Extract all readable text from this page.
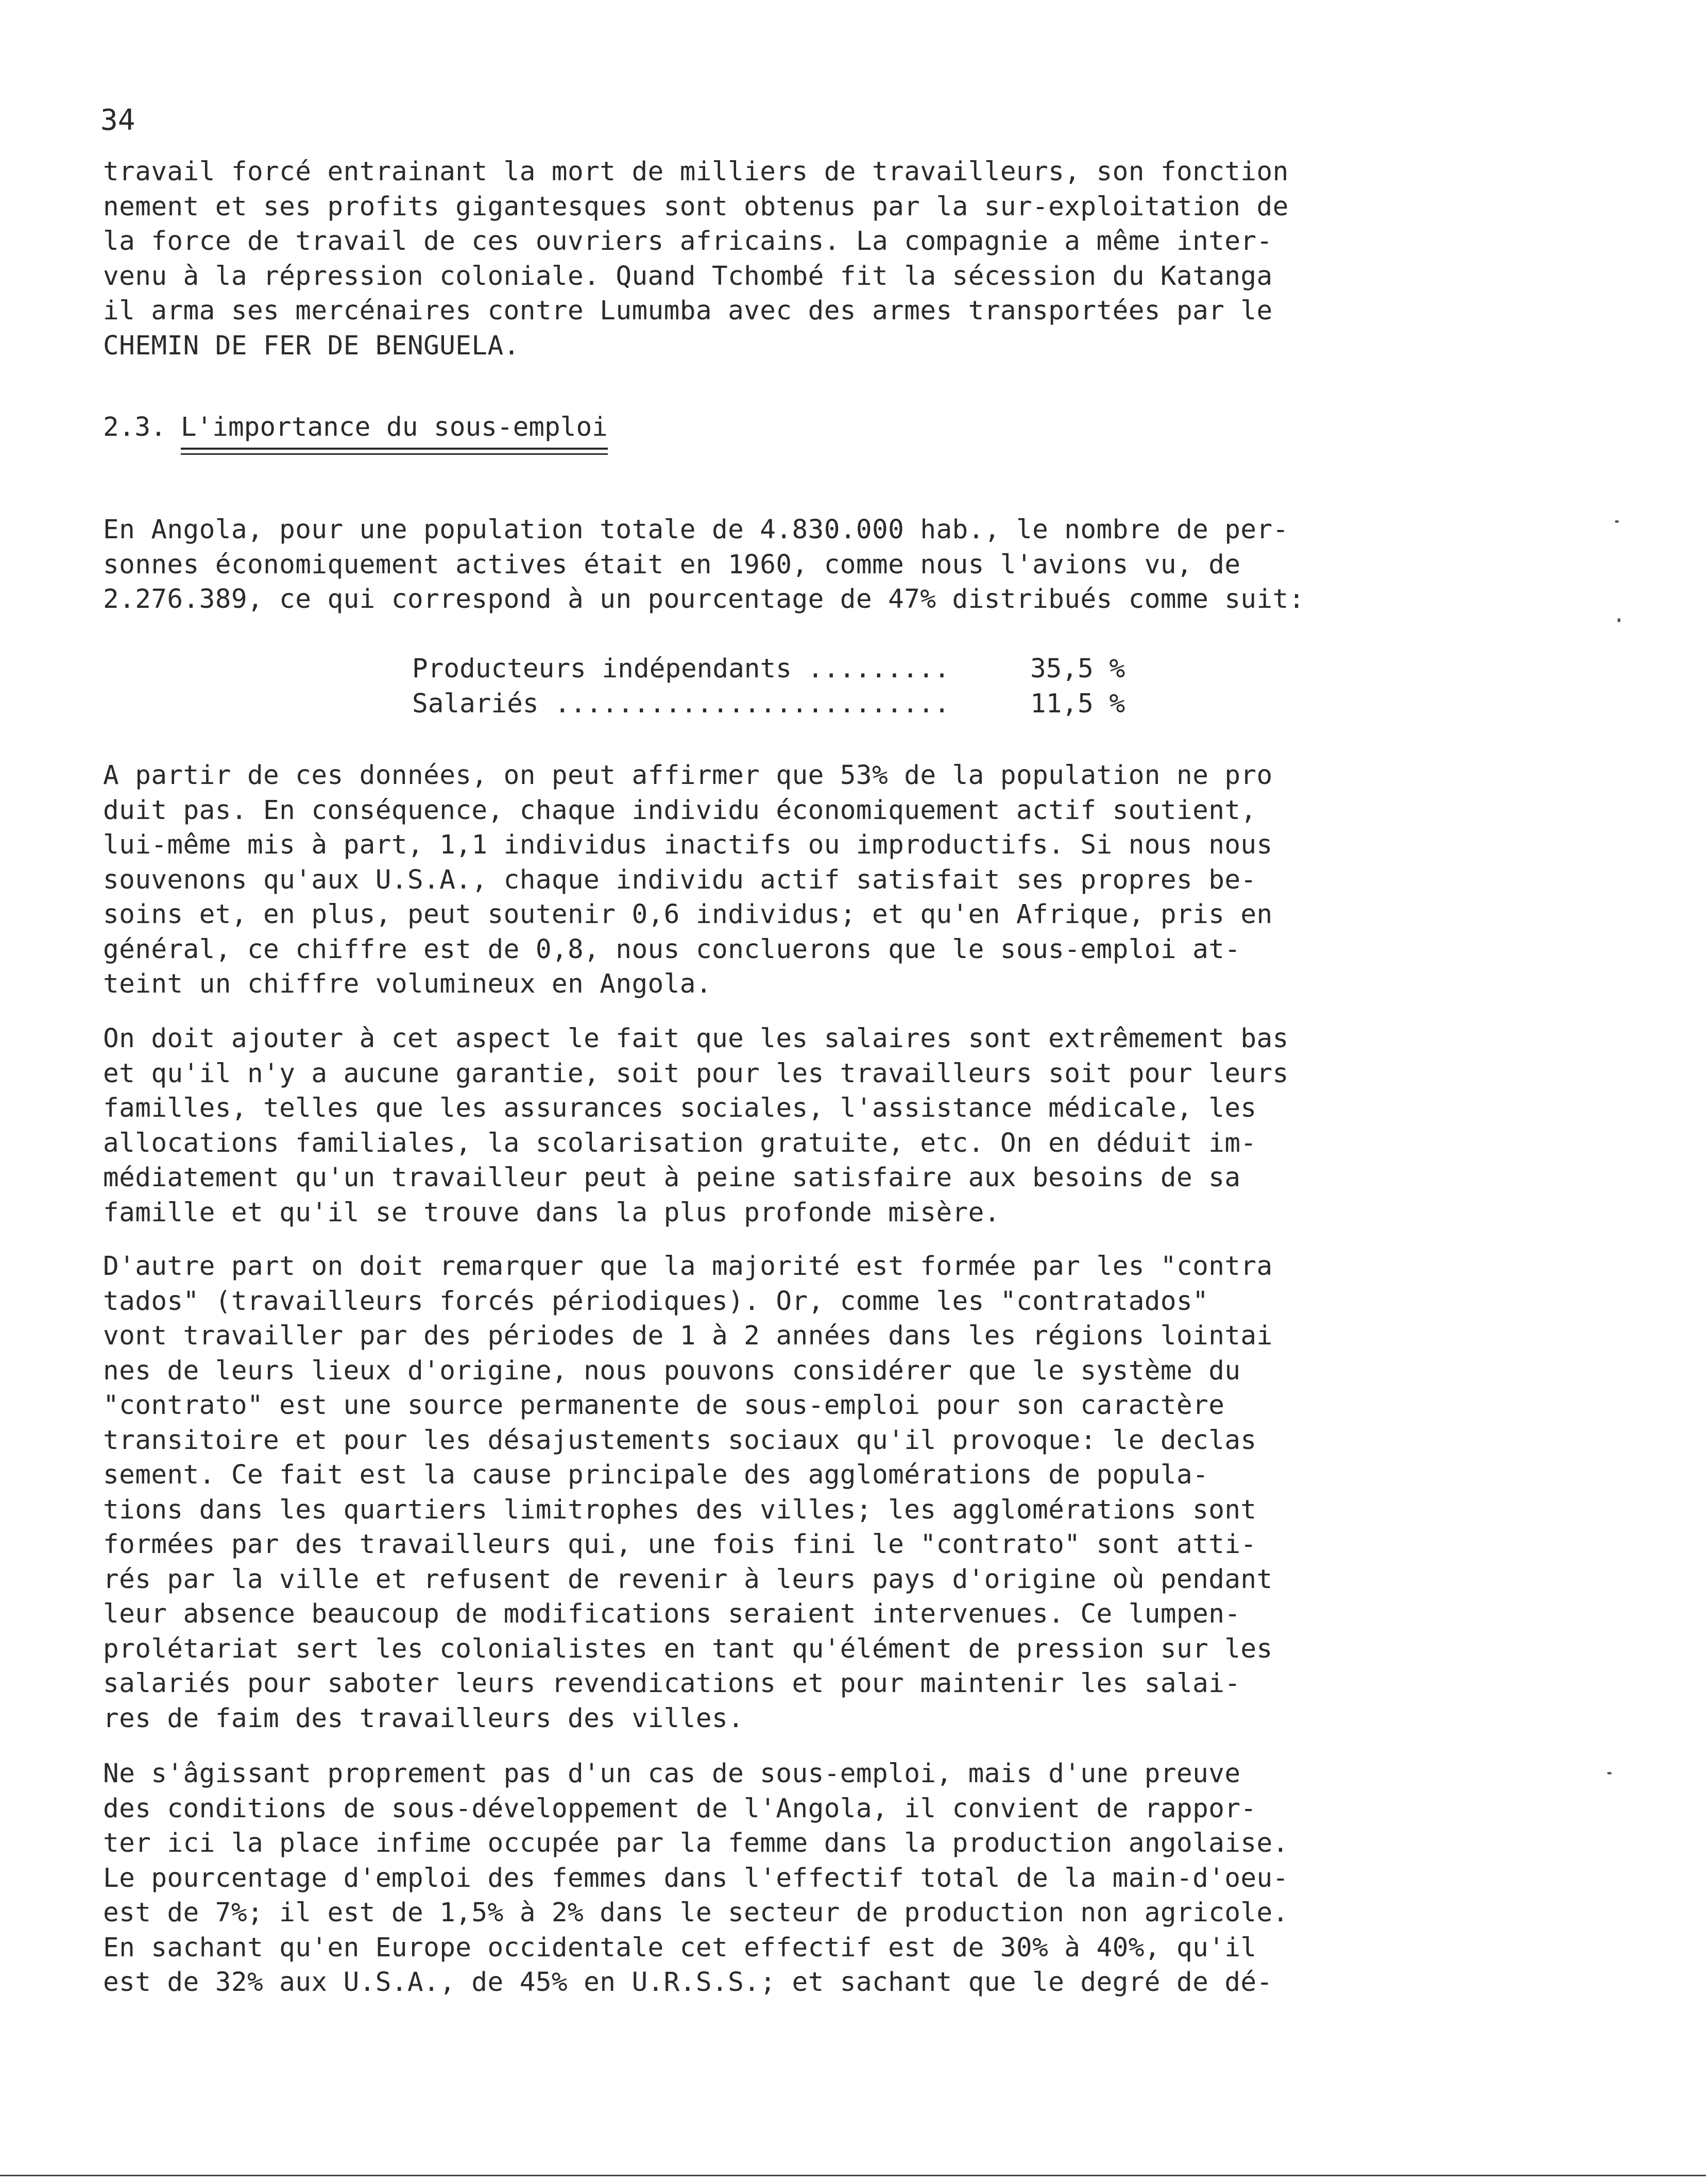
34

travail forcé entrainant la mort de milliers de travailleurs, son fonction
nement et ses profits gigantesques sont obtenus par la sur-exploitation de
la force de travail de ces ouvriers africains. La compagnie a même inter-
venu à la répression coloniale. Quand Tchombé fit la sécession du Katanga
il arma ses mercénaires contre Lumumba avec des armes transportées par le
CHEMIN DE FER DE BENGUELA.

2.3. L'importance du sous-emploi

En Angola, pour une population totale de 4.830.000 hab., le nombre de per-
sonnes économiquement actives était en 1960, comme nous l'avions vu, de
2.276.389, ce qui correspond à un pourcentage de 47% distribués comme suit:

Producteurs indépendants .........	35,5 %
Salariés .........................	11,5 %

A partir de ces données, on peut affirmer que 53% de la population ne pro
duit pas. En conséquence, chaque individu économiquement actif soutient,
lui-même mis à part, 1,1 individus inactifs ou improductifs. Si nous nous
souvenons qu'aux U.S.A., chaque individu actif satisfait ses propres be-
soins et, en plus, peut soutenir 0,6 individus; et qu'en Afrique, pris en
général, ce chiffre est de 0,8, nous concluerons que le sous-emploi at-
teint un chiffre volumineux en Angola.

On doit ajouter à cet aspect le fait que les salaires sont extrêmement bas
et qu'il n'y a aucune garantie, soit pour les travailleurs soit pour leurs
familles, telles que les assurances sociales, l'assistance médicale, les
allocations familiales, la scolarisation gratuite, etc. On en déduit im-
médiatement qu'un travailleur peut à peine satisfaire aux besoins de sa
famille et qu'il se trouve dans la plus profonde misère.

D'autre part on doit remarquer que la majorité est formée par les "contra
tados" (travailleurs forcés périodiques). Or, comme les "contratados"
vont travailler par des périodes de 1 à 2 années dans les régions lointai
nes de leurs lieux d'origine, nous pouvons considérer que le système du
"contrato" est une source permanente de sous-emploi pour son caractère
transitoire et pour les désajustements sociaux qu'il provoque: le declas
sement. Ce fait est la cause principale des agglomérations de popula-
tions dans les quartiers limitrophes des villes; les agglomérations sont
formées par des travailleurs qui, une fois fini le "contrato" sont atti-
rés par la ville et refusent de revenir à leurs pays d'origine où pendant
leur absence beaucoup de modifications seraient intervenues. Ce lumpen-
prolétariat sert les colonialistes en tant qu'élément de pression sur les
salariés pour saboter leurs revendications et pour maintenir les salai-
res de faim des travailleurs des villes.

Ne s'âgissant proprement pas d'un cas de sous-emploi, mais d'une preuve
des conditions de sous-développement de l'Angola, il convient de rappor-
ter ici la place infime occupée par la femme dans la production angolaise.
Le pourcentage d'emploi des femmes dans l'effectif total de la main-d'oeu-
est de 7%; il est de 1,5% à 2% dans le secteur de production non agricole.
En sachant qu'en Europe occidentale cet effectif est de 30% à 40%, qu'il
est de 32% aux U.S.A., de 45% en U.R.S.S.; et sachant que le degré de dé-
